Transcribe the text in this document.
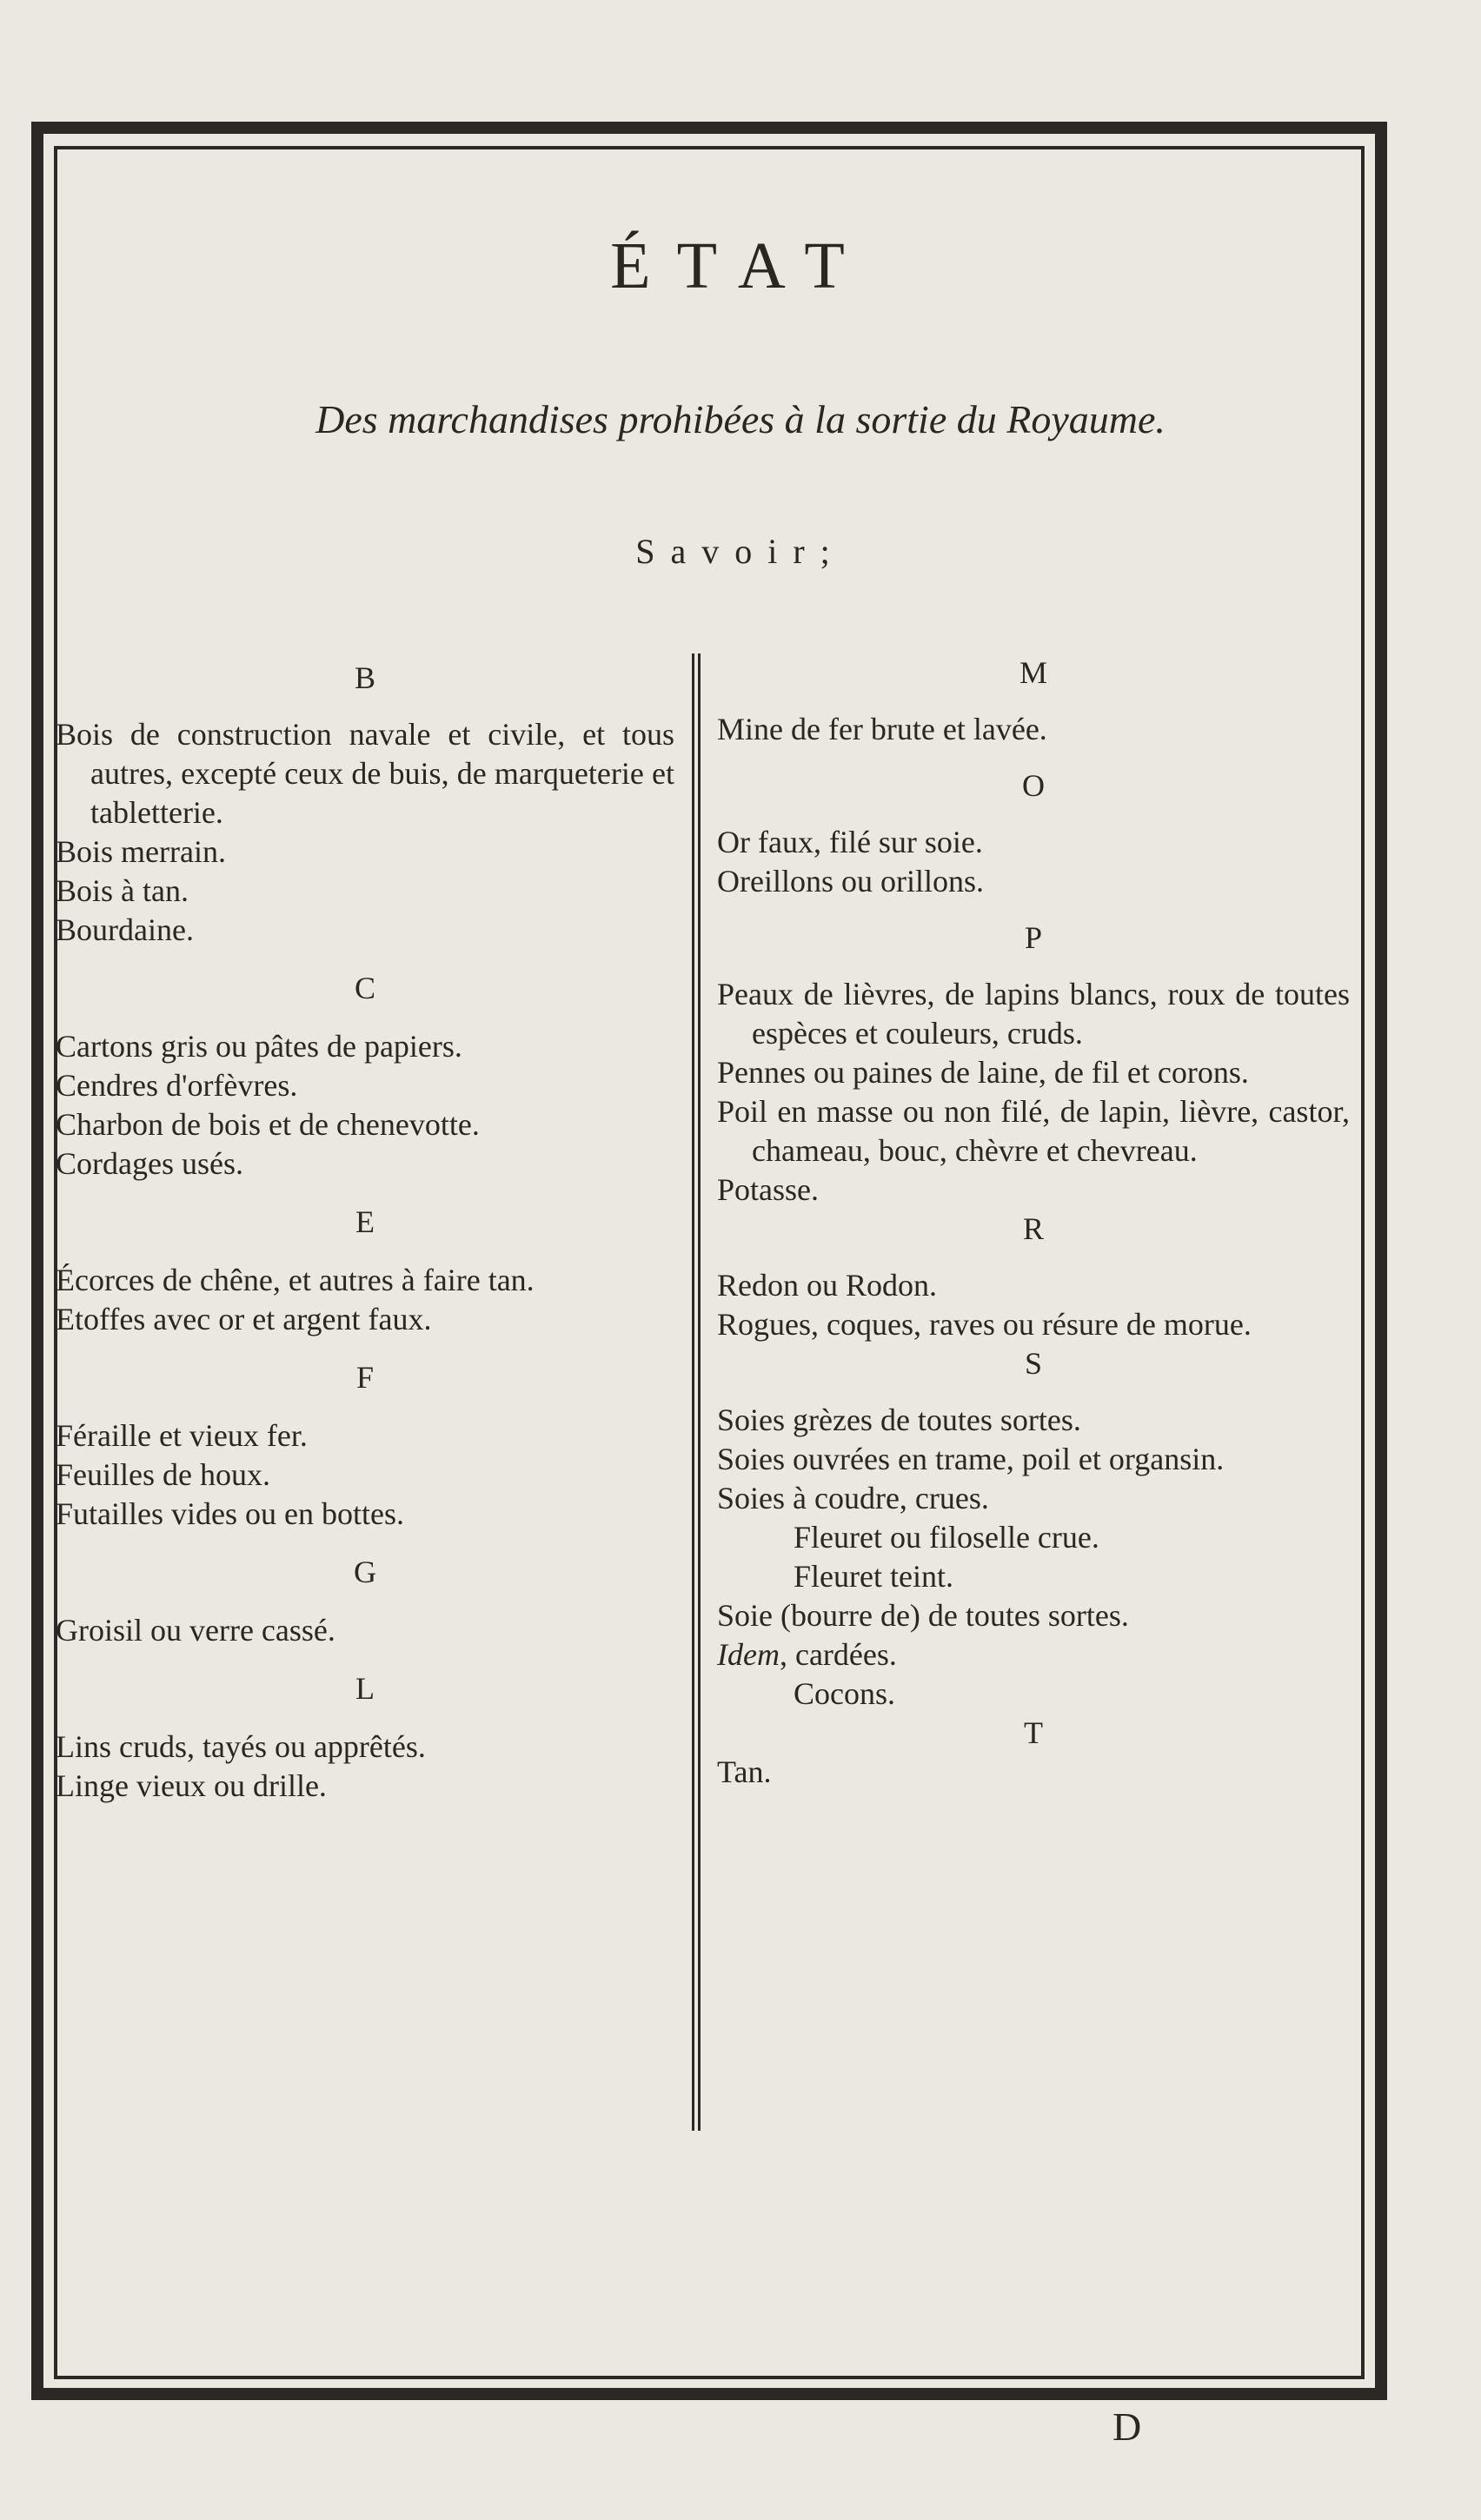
ÉTAT
Des marchandises prohibées à la sortie du Royaume.
Savoir;

B

Bois de construction navale et civile, et tous autres, excepté ceux de buis, de marqueterie et tabletterie.

Bois merrain.

Bois à tan.

Bourdaine.

C

Cartons gris ou pâtes de papiers.

Cendres d'orfèvres.

Charbon de bois et de chenevotte.

Cordages usés.

E

Écorces de chêne, et autres à faire tan.

Etoffes avec or et argent faux.

F

Féraille et vieux fer.

Feuilles de houx.

Futailles vides ou en bottes.

G

Groisil ou verre cassé.

L

Lins cruds, tayés ou apprêtés.

Linge vieux ou drille.

M

Mine de fer brute et lavée.

O

Or faux, filé sur soie.

Oreillons ou orillons.

P

Peaux de lièvres, de lapins blancs, roux de toutes espèces et couleurs, cruds.

Pennes ou paines de laine, de fil et corons.

Poil en masse ou non filé, de lapin, lièvre, castor, chameau, bouc, chèvre et chevreau.

Potasse.

R

Redon ou Rodon.

Rogues, coques, raves ou résure de morue.

S

Soies grèzes de toutes sortes.

Soies ouvrées en trame, poil et organsin.

Soies à coudre, crues.

Fleuret ou filoselle crue.

Fleuret teint.

Soie (bourre de) de toutes sortes.

Idem, cardées.

Cocons.

T

Tan.

D
